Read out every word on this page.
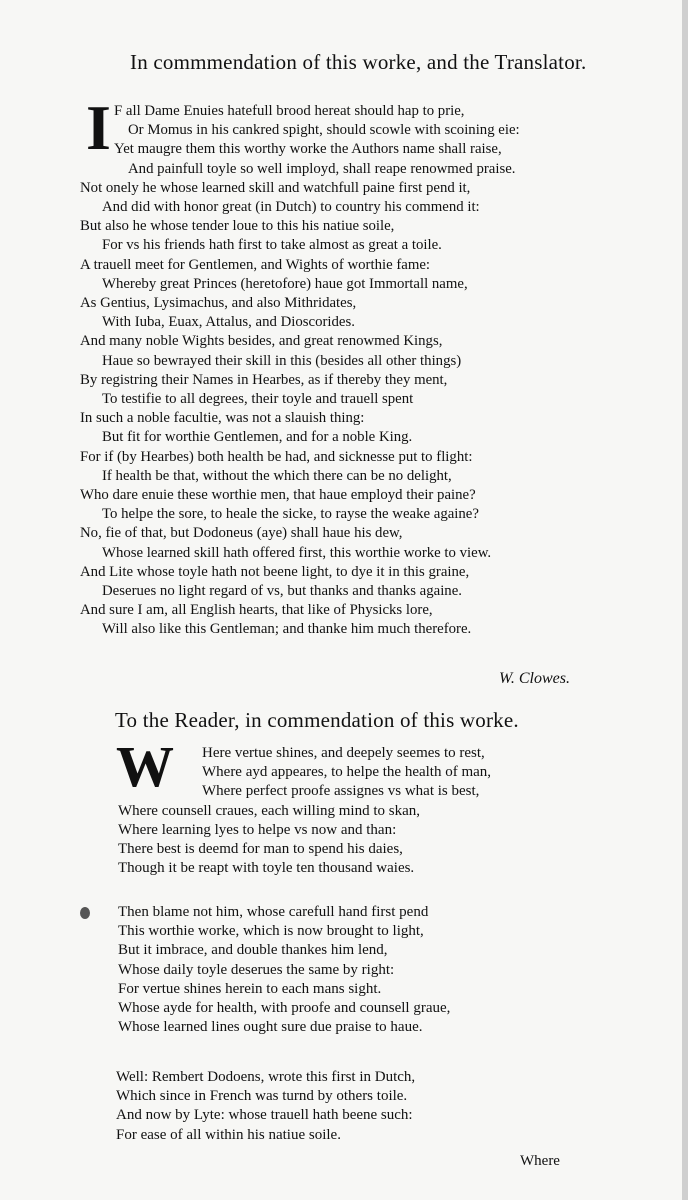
In commmendation of this worke, and the Translator.
I F all Dame Enuies hatefull brood hereat should hap to prie,
Or Momus in his cankred spight, should scowle with scoining eie:
Yet maugre them this worthy worke the Authors name shall raise,
And painfull toyle so well imployd, shall reape renowmed praise.
Not onely he whose learned skill and watchfull paine first pend it,
And did with honor great (in Dutch) to country his commend it:
But also he whose tender loue to this his natiue soile,
For vs his friends hath first to take almost as great a toile.
A trauell meet for Gentlemen, and Wights of worthie fame:
Whereby great Princes (heretofore) haue got Immortall name,
As Gentius, Lysimachus, and also Mithridates,
With Iuba, Euax, Attalus, and Dioscorides.
And many noble Wights besides, and great renowmed Kings,
Haue so bewrayed their skill in this (besides all other things)
By registring their Names in Hearbes, as if thereby they ment,
To testifie to all degrees, their toyle and trauell spent
In such a noble facultie, was not a slauish thing:
But fit for worthie Gentlemen, and for a noble King.
For if (by Hearbes) both health be had, and sicknesse put to flight:
If health be that, without the which there can be no delight,
Who dare enuie these worthie men, that haue employd their paine?
To helpe the sore, to heale the sicke, to rayse the weake againe?
No, fie of that, but Dodoneus (aye) shall haue his dew,
Whose learned skill hath offered first, this worthie worke to view.
And Lite whose toyle hath not beene light, to dye it in this graine,
Deserues no light regard of vs, but thanks and thanks againe.
And sure I am, all English hearts, that like of Physicks lore,
Will also like this Gentleman; and thanke him much therefore.
W. Clowes.
To the Reader, in commendation of this worke.
W	Here vertue shines, and deepely seemes to rest,
Where ayd appeares, to helpe the health of man,
Where perfect proofe assignes vs what is best,
Where counsell craues, each willing mind to skan,
Where learning lyes to helpe vs now and than:
There best is deemd for man to spend his daies,
Though it be reapt with toyle ten thousand waies.
Then blame not him, whose carefull hand first pend
This worthie worke, which is now brought to light,
But it imbrace, and double thankes him lend,
Whose daily toyle deserues the same by right:
For vertue shines herein to each mans sight.
Whose ayde for health, with proofe and counsell graue,
Whose learned lines ought sure due praise to haue.
Well: Rembert Dodoens, wrote this first in Dutch,
Which since in French was turnd by others toile.
And now by Lyte: whose trauell hath beene such:
For ease of all within his natiue soile.
Where
